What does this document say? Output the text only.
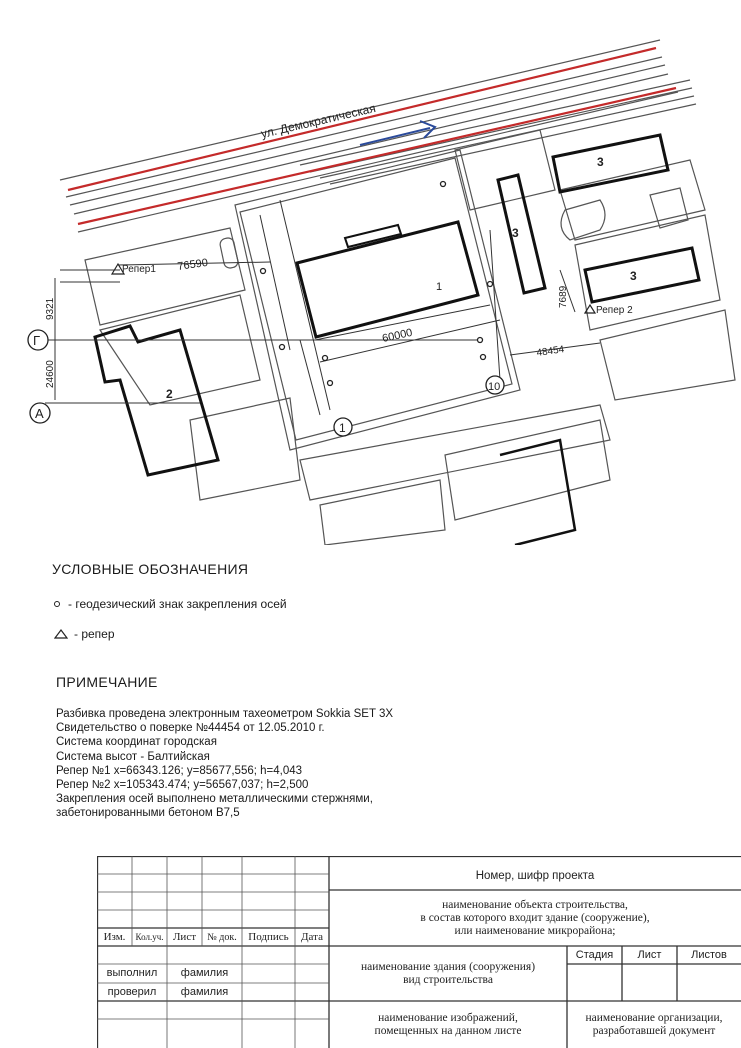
ул. Демократическая
Г
А
1
10
76590
9321
24600
60000
7689
48454
Репер1
Репер 2
1
2
3
3
3
УСЛОВНЫЕ ОБОЗНАЧЕНИЯ
- геодезический знак закрепления осей
- репер
ПРИМЕЧАНИЕ
Разбивка проведена электронным тахеометром Sokkia SET 3X
Свидетельство о поверке №44454 от 12.05.2010 г.
Система координат городская
Система высот - Балтийская
Репер №1 x=66343.126; y=85677,556; h=4,043
Репер №2 x=105343.474; y=56567,037; h=2,500
Закрепления осей выполнено металлическими стержнями,
забетонированными бетоном В7,5
Номер, шифр проекта
наименование объекта строительства,
в состав которого входит здание (сооружение),
или наименование микрорайона;
Изм.	Кол.уч. Лист	№ док.	Подпись	Дата
выполнил	фамилия
проверил	фамилия
наименование здания (сооружения)
вид строительства
Стадия	Лист	Листов
наименование изображений,
помещенных на данном листе
наименование организации,
разработавшей документ
